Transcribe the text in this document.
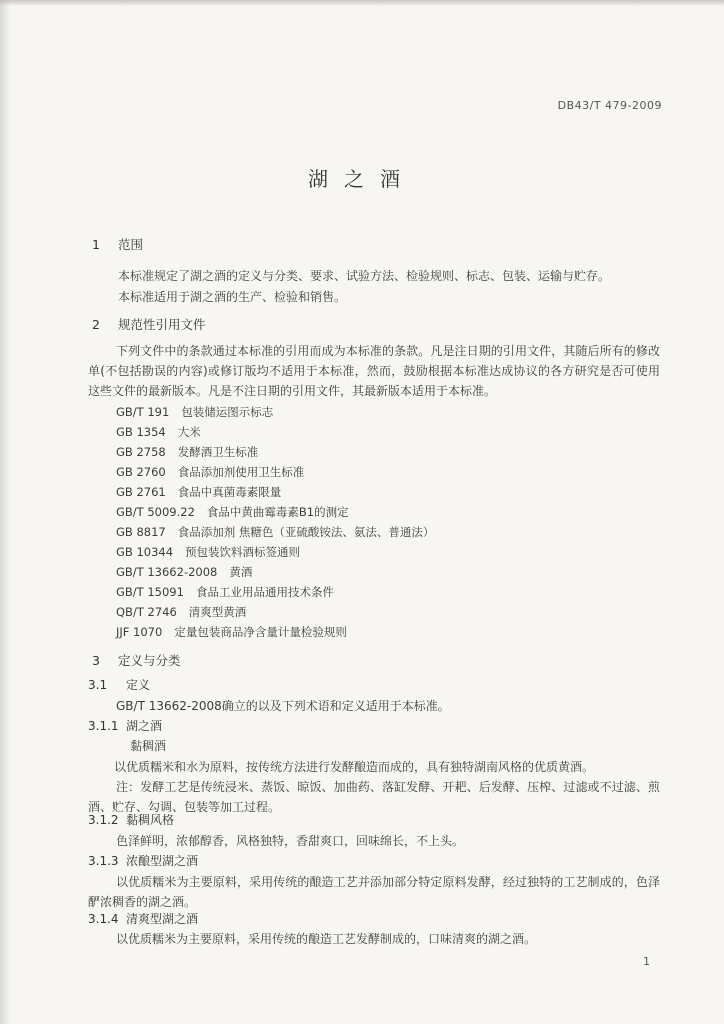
DB43/T 479-2009
湖之酒
1 范围
本标准规定了湖之酒的定义与分类、要求、试验方法、检验规则、标志、包装、运输与贮存。
本标准适用于湖之酒的生产、检验和销售。
2 规范性引用文件
下列文件中的条款通过本标准的引用而成为本标准的条款。凡是注日期的引用文件，其随后所有的修改单(不包括勘误的内容)或修订版均不适用于本标准，然而，鼓励根据本标准达成协议的各方研究是否可使用这些文件的最新版本。凡是不注日期的引用文件，其最新版本适用于本标准。
GB/T 191 包装储运图示标志
GB 1354 大米
GB 2758 发酵酒卫生标准
GB 2760 食品添加剂使用卫生标准
GB 2761 食品中真菌毒素限量
GB/T 5009.22 食品中黄曲霉毒素B1的测定
GB 8817 食品添加剂 焦糖色（亚硫酸铵法、氨法、普通法）
GB 10344 预包装饮料酒标签通则
GB/T 13662-2008 黄酒
GB/T 15091 食品工业用品通用技术条件
QB/T 2746 清爽型黄酒
JJF 1070 定量包装商品净含量计量检验规则
3 定义与分类
3.1 定义
GB/T 13662-2008确立的以及下列术语和定义适用于本标准。
3.1.1 湖之酒
黏稠酒
以优质糯米和水为原料，按传统方法进行发酵酿造而成的，具有独特湖南风格的优质黄酒。
注：发酵工艺是传统浸米、蒸饭、晾饭、加曲药、落缸发酵、开耙、后发酵、压榨、过滤或不过滤、煎酒、贮存、勾调、包装等加工过程。
3.1.2 黏稠风格
色泽鲜明，浓郁醇香，风格独特，香甜爽口，回味绵长，不上头。
3.1.3 浓酿型湖之酒
以优质糯米为主要原料，采用传统的酿造工艺并添加部分特定原料发酵，经过独特的工艺制成的，色泽酽浓稠香的湖之酒。
3.1.4 清爽型湖之酒
以优质糯米为主要原料，采用传统的酿造工艺发酵制成的，口味清爽的湖之酒。
1
